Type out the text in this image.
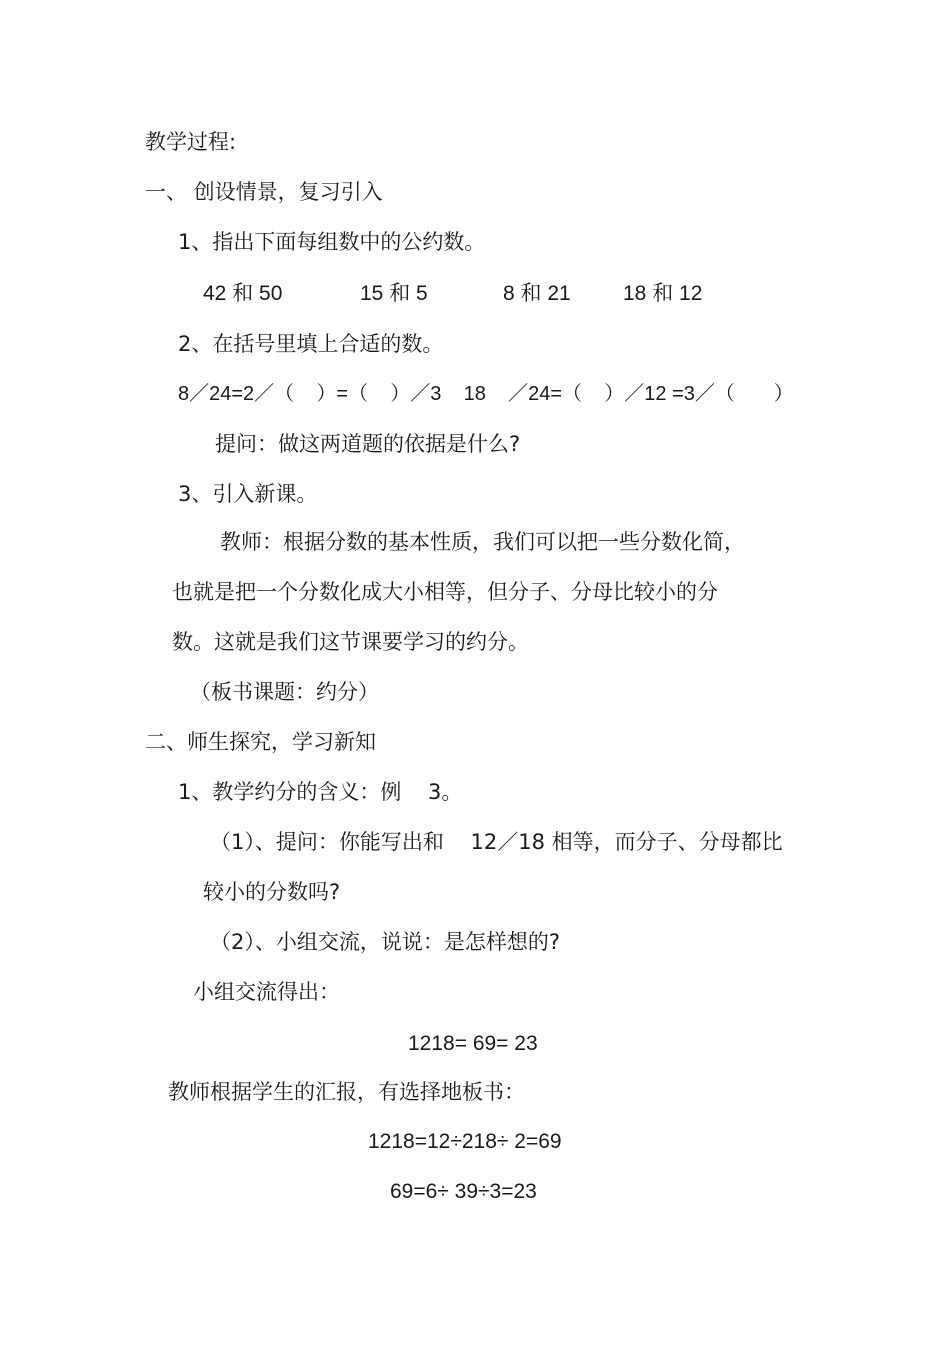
教学过程:
一、 创设情景，复习引入
1、指出下面每组数中的公约数。
42 和 50	15 和 5	8 和 21 18 和 12
2、在括号里填上合适的数。
8／24=2／（    ）=（    ）／3    18    ／24=（    ）／12 =3／（       ）
提问：做这两道题的依据是什么?
3、引入新课。
教师：根据分数的基本性质，我们可以把一些分数化简，
也就是把一个分数化成大小相等，但分子、分母比较小的分
数。这就是我们这节课要学习的约分。
（板书课题：约分）
二、师生探究，学习新知
1、教学约分的含义：例    3。
（1）、提问：你能写出和    12／18 相等，而分子、分母都比
较小的分数吗?
（2）、小组交流，说说：是怎样想的?
小组交流得出：
1218= 69= 23
教师根据学生的汇报，有选择地板书：
1218=12÷218÷ 2=69
69=6÷ 39÷3=23
